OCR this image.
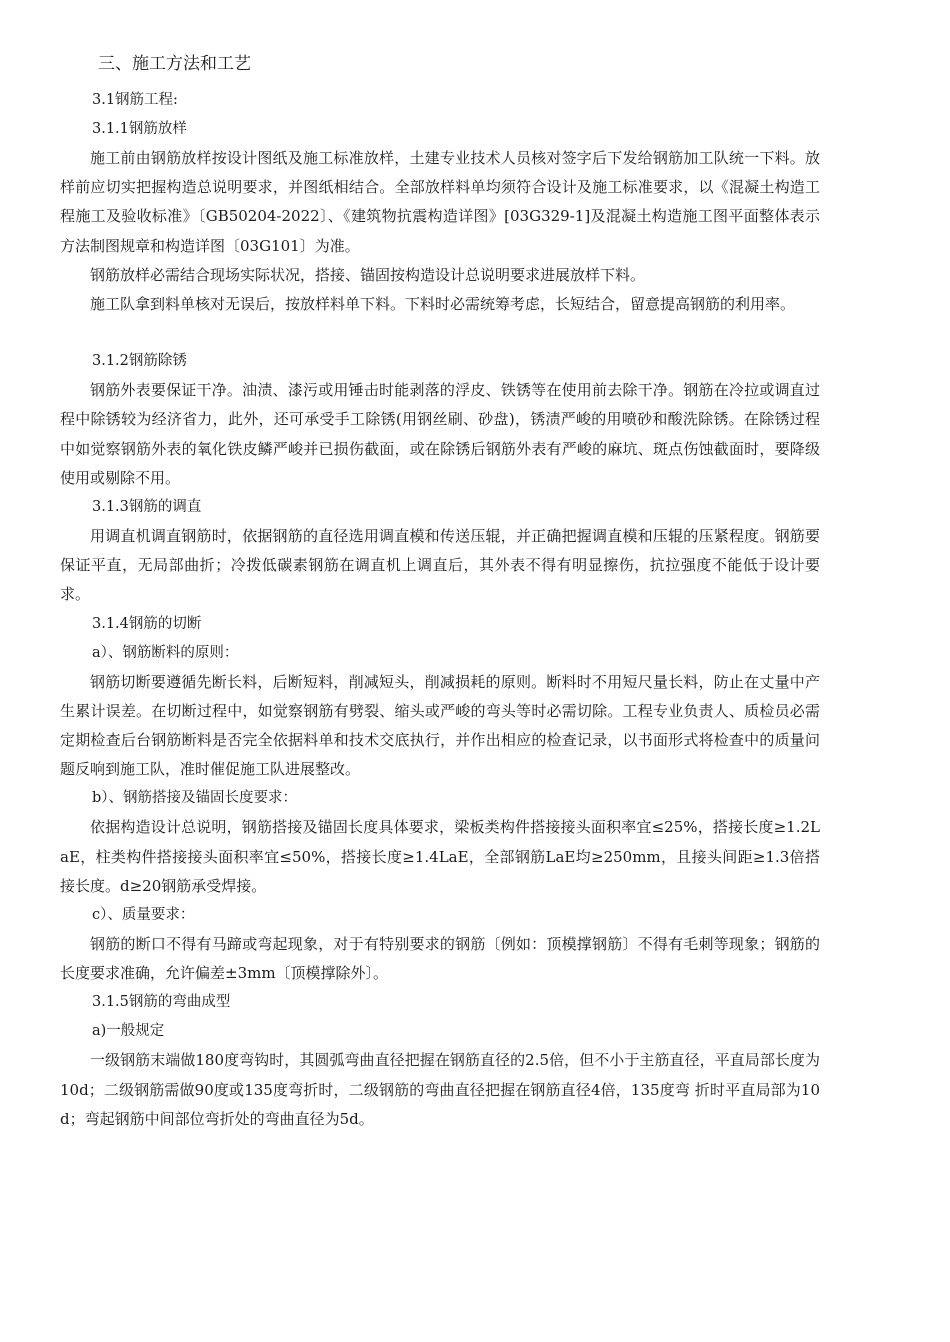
三、施工方法和工艺
3.1钢筋工程:
3.1.1钢筋放样

施工前由钢筋放样按设计图纸及施工标准放样，土建专业技术人员核对签字后下发给钢筋加工队统一下料。放样前应切实把握构造总说明要求，并图纸相结合。全部放样料单均须符合设计及施工标准要求，以《混凝土构造工程施工及验收标准》〔GB50204-2022〕、《建筑物抗震构造详图》[03G329-1]及混凝土构造施工图平面整体表示方法制图规章和构造详图〔03G101〕为准。

钢筋放样必需结合现场实际状况，搭接、锚固按构造设计总说明要求进展放样下料。

施工队拿到料单核对无误后，按放样料单下料。下料时必需统筹考虑，长短结合，留意提高钢筋的利用率。

3.1.2钢筋除锈

钢筋外表要保证干净。油渍、漆污或用锤击时能剥落的浮皮、铁锈等在使用前去除干净。钢筋在冷拉或调直过程中除锈较为经济省力，此外，还可承受手工除锈(用钢丝刷、砂盘)，锈渍严峻的用喷砂和酸洗除锈。在除锈过程中如觉察钢筋外表的氧化铁皮鳞严峻并已损伤截面，或在除锈后钢筋外表有严峻的麻坑、斑点伤蚀截面时，要降级使用或剔除不用。

3.1.3钢筋的调直

用调直机调直钢筋时，依据钢筋的直径选用调直模和传送压辊，并正确把握调直模和压辊的压紧程度。钢筋要保证平直，无局部曲折；冷拨低碳素钢筋在调直机上调直后，其外表不得有明显擦伤，抗拉强度不能低于设计要求。

3.1.4钢筋的切断
a）、钢筋断料的原则：

钢筋切断要遵循先断长料，后断短料，削减短头，削减损耗的原则。断料时不用短尺量长料，防止在丈量中产生累计误差。在切断过程中，如觉察钢筋有劈裂、缩头或严峻的弯头等时必需切除。工程专业负责人、质检员必需定期检查后台钢筋断料是否完全依据料单和技术交底执行，并作出相应的检查记录，以书面形式将检查中的质量问题反响到施工队，准时催促施工队进展整改。

b）、钢筋搭接及锚固长度要求：

依据构造设计总说明，钢筋搭接及锚固长度具体要求，梁板类构件搭接接头面积率宜≤25%，搭接长度≥1.2LaE，柱类构件搭接接头面积率宜≤50%，搭接长度≥1.4LaE，全部钢筋LaE均≥250mm，且接头间距≥1.3倍搭接长度。d≥20钢筋承受焊接。

c）、质量要求：

钢筋的断口不得有马蹄或弯起现象，对于有特别要求的钢筋〔例如：顶模撑钢筋〕不得有毛刺等现象；钢筋的长度要求准确，允许偏差±3mm〔顶模撑除外〕。

3.1.5钢筋的弯曲成型
a)一般规定

一级钢筋末端做180度弯钩时，其圆弧弯曲直径把握在钢筋直径的2.5倍，但不小于主筋直径，平直局部长度为10d；二级钢筋需做90度或135度弯折时，二级钢筋的弯曲直径把握在钢筋直径4倍，135度弯 折时平直局部为10d；弯起钢筋中间部位弯折处的弯曲直径为5d。
